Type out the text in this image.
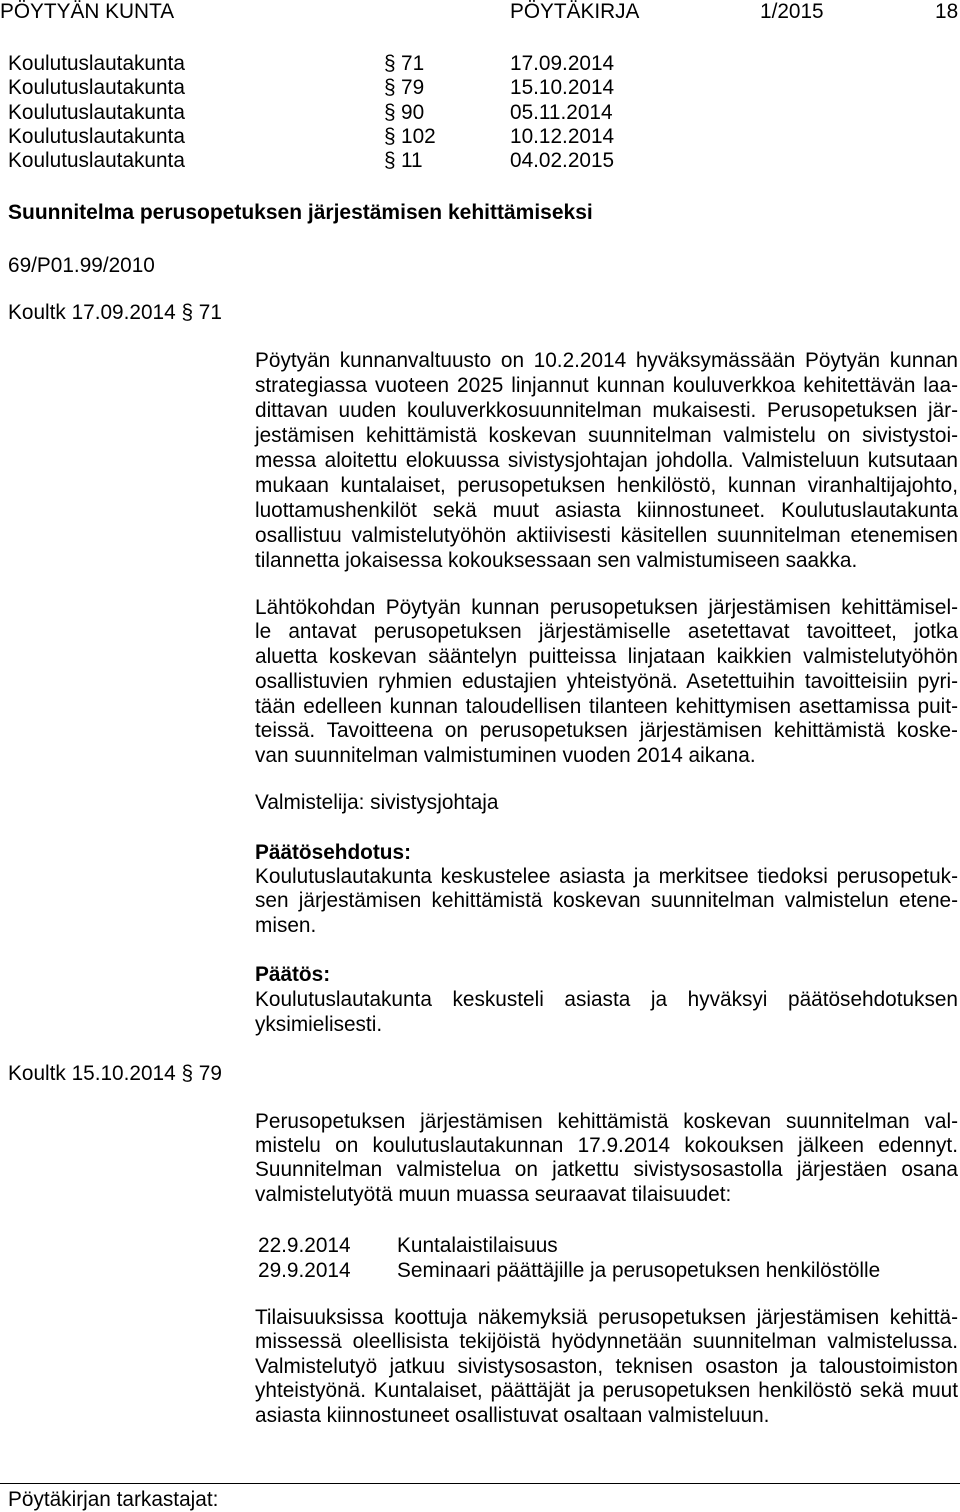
PÖYTYÄN KUNTA	PÖYTÄKIRJA	1/2015	18
Koulutuslautakunta	§ 71	17.09.2014
Koulutuslautakunta	§ 79	15.10.2014
Koulutuslautakunta	§ 90	05.11.2014
Koulutuslautakunta	§ 102	10.12.2014
Koulutuslautakunta	§ 11	04.02.2015
Suunnitelma perusopetuksen järjestämisen kehittämiseksi
69/P01.99/2010
Koultk 17.09.2014 § 71
Pöytyän kunnanvaltuusto on 10.2.2014 hyväksymässään Pöytyän kunnan
strategiassa vuoteen 2025 linjannut kunnan kouluverkkoa kehitettävän laa-
dittavan uuden kouluverkkosuunnitelman mukaisesti. Perusopetuksen jär-
jestämisen kehittämistä koskevan suunnitelman valmistelu on sivistystoi-
messa aloitettu elokuussa sivistysjohtajan johdolla. Valmisteluun kutsutaan
mukaan kuntalaiset, perusopetuksen henkilöstö, kunnan viranhaltijajohto,
luottamushenkilöt sekä muut asiasta kiinnostuneet. Koulutuslautakunta
osallistuu valmistelutyöhön aktiivisesti käsitellen suunnitelman etenemisen
tilannetta jokaisessa kokouksessaan sen valmistumiseen saakka.
Lähtökohdan Pöytyän kunnan perusopetuksen järjestämisen kehittämisel-
le antavat perusopetuksen järjestämiselle asetettavat tavoitteet, jotka
aluetta koskevan sääntelyn puitteissa linjataan kaikkien valmistelutyöhön
osallistuvien ryhmien edustajien yhteistyönä. Asetettuihin tavoitteisiin pyri-
tään edelleen kunnan taloudellisen tilanteen kehittymisen asettamissa puit-
teissä. Tavoitteena on perusopetuksen järjestämisen kehittämistä koske-
van suunnitelman valmistuminen vuoden 2014 aikana.
Valmistelija: sivistysjohtaja
Päätösehdotus:
Koulutuslautakunta keskustelee asiasta ja merkitsee tiedoksi perusopetuk-
sen järjestämisen kehittämistä koskevan suunnitelman valmistelun etene-
misen.
Päätös:
Koulutuslautakunta keskusteli asiasta ja hyväksyi päätösehdotuksen
yksimielisesti.
Koultk 15.10.2014 § 79
Perusopetuksen järjestämisen kehittämistä koskevan suunnitelman val-
mistelu on koulutuslautakunnan 17.9.2014 kokouksen jälkeen edennyt.
Suunnitelman valmistelua on jatkettu sivistysosastolla järjestäen osana
valmistelutyötä muun muassa seuraavat tilaisuudet:
22.9.2014 Kuntalaistilaisuus
29.9.2014 Seminaari päättäjille ja perusopetuksen henkilöstölle
Tilaisuuksissa koottuja näkemyksiä perusopetuksen järjestämisen kehittä-
missessä oleellisista tekijöistä hyödynnetään suunnitelman valmistelussa.
Valmistelutyö jatkuu sivistysosaston, teknisen osaston ja taloustoimiston
yhteistyönä. Kuntalaiset, päättäjät ja perusopetuksen henkilöstö sekä muut
asiasta kiinnostuneet osallistuvat osaltaan valmisteluun.
Pöytäkirjan tarkastajat:
